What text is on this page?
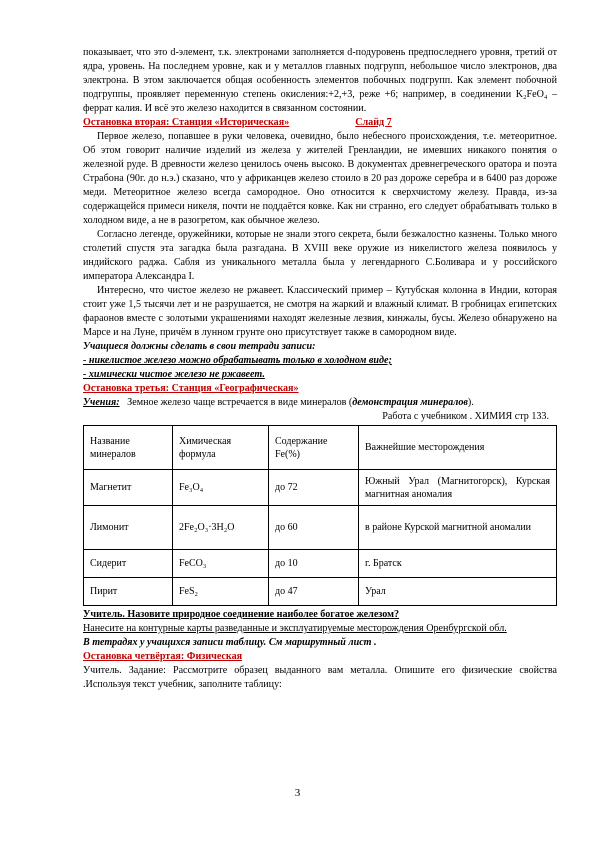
показывает, что это d-элемент, т.к. электронами заполняется d-подуровень предпоследнего уровня, третий от ядра, уровень. На последнем уровне, как и у металлов главных подгрупп, небольшое число электронов, два электрона. В этом заключается общая особенность элементов побочных подгрупп. Как элемент побочной подгруппы, проявляет переменную степень окисления:+2,+3, реже +6; например, в соединении K₂FeO₄ – феррат калия. И всё это железо находится в связанном состоянии.

Остановка вторая: Станция «Историческая»	Слайд 7

Первое железо, попавшее в руки человека, очевидно, было небесного происхождения, т.е. метеоритное. Об этом говорит наличие изделий из железа у жителей Гренландии, не имевших никакого понятия о железной руде. В древности железо ценилось очень высоко. В документах древнегреческого оратора и поэта Страбона (90г. до н.э.) сказано, что у африканцев железо стоило в 20 раз дороже серебра и в 6400 раз дороже меди. Метеоритное железо всегда самородное. Оно относится к сверхчистому железу. Правда, из-за содержащейся примеси никеля, почти не поддаётся ковке. Как ни странно, его следует обрабатывать только в холодном виде, а не в разогретом, как обычное железо.

Согласно легенде, оружейники, которые не знали этого секрета, были безжалостно казнены. Только много столетий спустя эта загадка была разгадана. В XVIII веке оружие из никелистого железа появилось у индийского раджа. Сабля из уникального металла была у легендарного С.Боливара и у российского императора Александра I.

Интересно, что чистое железо не ржавеет. Классический пример – Кутубская колонна в Индии, которая стоит уже 1,5 тысячи лет и не разрушается, не смотря на жаркий и влажный климат. В гробницах египетских фараонов вместе с золотыми украшениями находят железные лезвия, кинжалы, бусы. Железо обнаружено на Марсе и на Луне, причём в лунном грунте оно присутствует также в самородном виде.

Учащиеся должны сделать в свои тетради записи:

- никелистое железо можно обрабатывать только в холодном виде;

- химически чистое железо не ржавеет.

Остановка третья: Станция «Географическая»

Учения: Земное железо чаще встречается в виде минералов (демонстрация минералов).

Работа с учебником . ХИМИЯ стр 133.

Название минералов	Химическая формула	Содержание Fe(%)	Важнейшие месторождения
Магнетит	Fe₃O₄	до 72	Южный Урал (Магнитогорск), Курская магнитная аномалия
Лимонит	2Fe₂O₃·3H₂O	до 60	в районе Курской магнитной аномалии
Сидерит	FeCO₃	до 10	г. Братск
Пирит	FeS₂	до 47	Урал

Учитель. Назовите природное соединение наиболее богатое железом?

Нанесите на контурные карты разведанные и эксплуатируемые месторождения Оренбургской обл.

В тетрадях у учащихся записи таблицу. См маршрутный лист .

Остановка четвёртая: Физическая

Учитель. Задание: Рассмотрите образец выданного вам металла. Опишите его физические свойства .Используя текст учебник, заполните таблицу:

3
